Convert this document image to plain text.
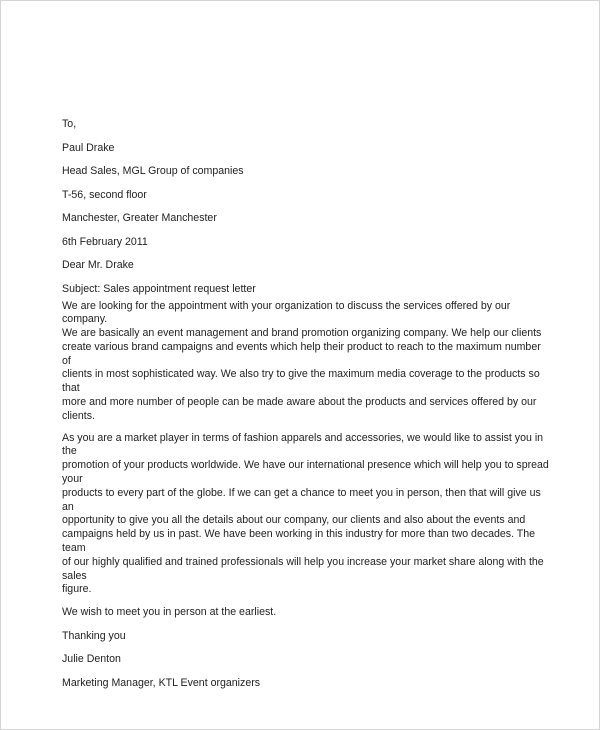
To,

Paul Drake

Head Sales, MGL Group of companies

T-56, second floor

Manchester, Greater Manchester

6th February 2011

Dear Mr. Drake

Subject: Sales appointment request letter

We are looking for the appointment with your organization to discuss the services offered by our company.
We are basically an event management and brand promotion organizing company. We help our clients
create various brand campaigns and events which help their product to reach to the maximum number of
clients in most sophisticated way. We also try to give the maximum media coverage to the products so that
more and more number of people can be made aware about the products and services offered by our clients.

As you are a market player in terms of fashion apparels and accessories, we would like to assist you in the
promotion of your products worldwide. We have our international presence which will help you to spread your
products to every part of the globe. If we can get a chance to meet you in person, then that will give us an
opportunity to give you all the details about our company, our clients and also about the events and
campaigns held by us in past. We have been working in this industry for more than two decades. The team
of our highly qualified and trained professionals will help you increase your market share along with the sales
figure.

We wish to meet you in person at the earliest.

Thanking you

Julie Denton

Marketing Manager, KTL Event organizers
